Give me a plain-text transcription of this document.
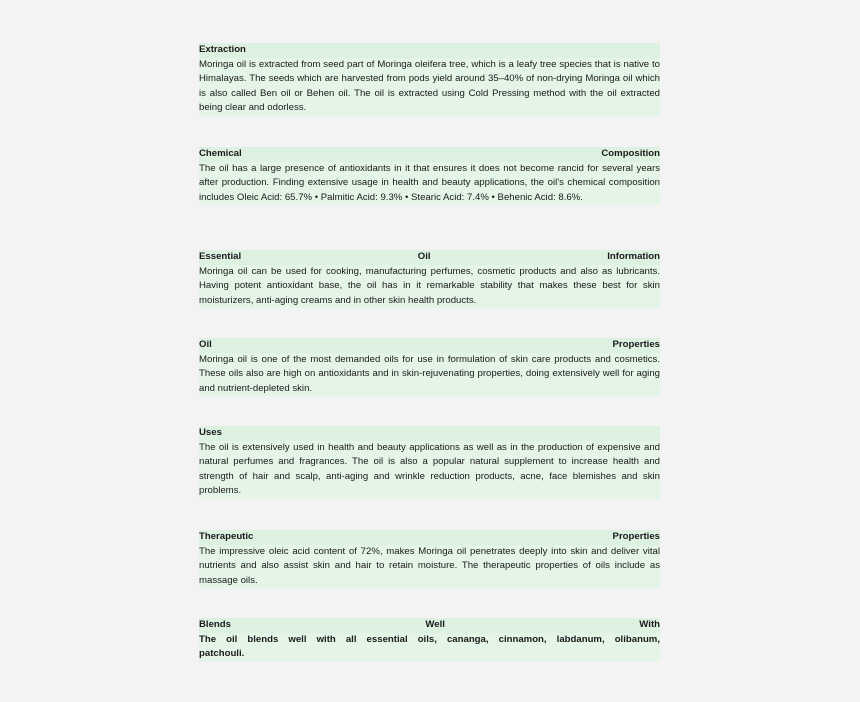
Extraction
Moringa oil is extracted from seed part of Moringa oleifera tree, which is a leafy tree species that is native to Himalayas. The seeds which are harvested from pods yield around 35–40% of non-drying Moringa oil which is also called Ben oil or Behen oil. The oil is extracted using Cold Pressing method with the oil extracted being clear and odorless.
Chemical Composition
The oil has a large presence of antioxidants in it that ensures it does not become rancid for several years after production. Finding extensive usage in health and beauty applications, the oil's chemical composition includes Oleic Acid: 65.7% • Palmitic Acid: 9.3% • Stearic Acid: 7.4% • Behenic Acid: 8.6%.
Essential Oil Information
Moringa oil can be used for cooking, manufacturing perfumes, cosmetic products and also as lubricants. Having potent antioxidant base, the oil has in it remarkable stability that makes these best for skin moisturizers, anti-aging creams and in other skin health products.
Oil Properties
Moringa oil is one of the most demanded oils for use in formulation of skin care products and cosmetics. These oils also are high on antioxidants and in skin-rejuvenating properties, doing extensively well for aging and nutrient-depleted skin.
Uses
The oil is extensively used in health and beauty applications as well as in the production of expensive and natural perfumes and fragrances. The oil is also a popular natural supplement to increase health and strength of hair and scalp, anti-aging and wrinkle reduction products, acne, face blemishes and skin problems.
Therapeutic Properties
The impressive oleic acid content of 72%, makes Moringa oil penetrates deeply into skin and deliver vital nutrients and also assist skin and hair to retain moisture. The therapeutic properties of oils include as massage oils.
Blends Well With
The oil blends well with all essential oils, cananga, cinnamon, labdanum, olibanum, patchouli.
